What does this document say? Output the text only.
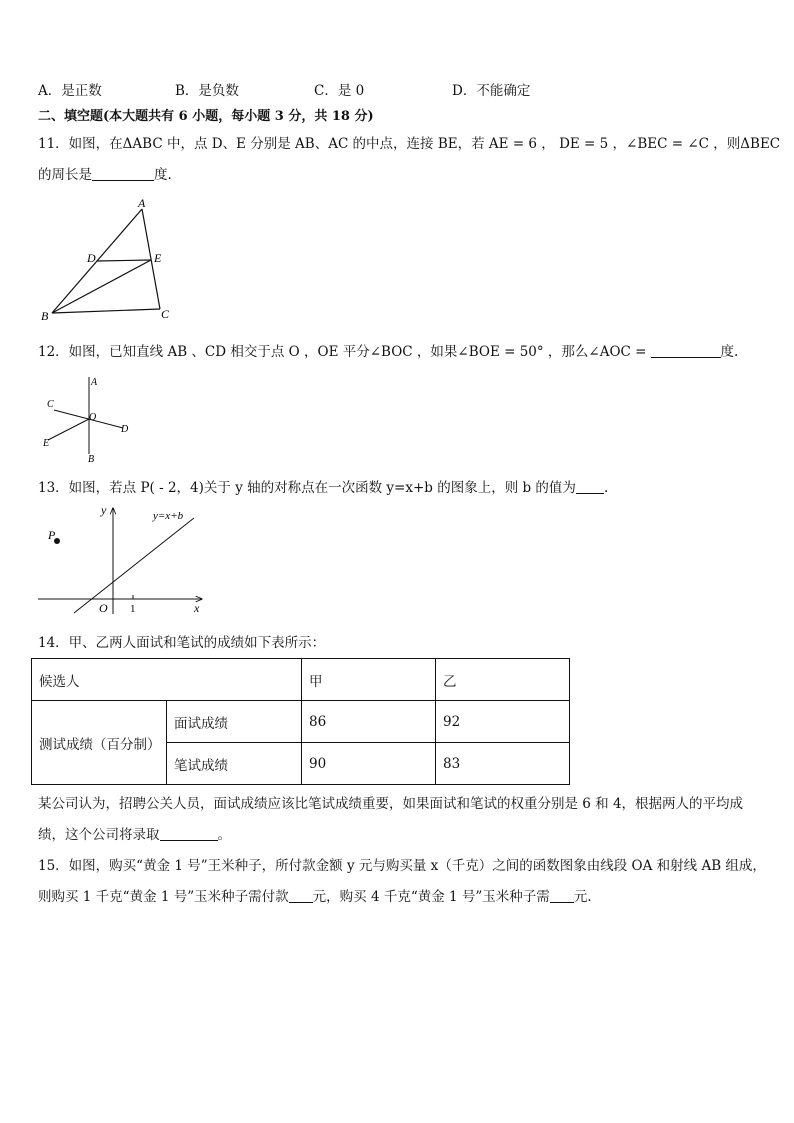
A．是正数	B．是负数	C．是 0	D．不能确定
二、填空题(本大题共有 6 小题，每小题 3 分，共 18 分)
11．如图，在ΔABC 中，点 D、E 分别是 AB、AC 的中点，连接 BE，若 AE = 6 ， DE = 5 ，∠BEC = ∠C ，则ΔBEC
的周长是	度.
A
D	E
B	C
12．如图，已知直线 AB 、CD 相交于点 O ，OE 平分∠BOC ，如果∠BOE = 50° ，那么∠AOC =	度.
A
C
O
D
E
B
13．如图，若点 P( - 2，4)关于 y 轴的对称点在一次函数 y=x+b 的图象上，则 b 的值为 .
y	y=x+b
P
O 1	x
14．甲、乙两人面试和笔试的成绩如下表所示：
候选人		甲	乙
测试成绩（百分制）	面试成绩	86	92
	笔试成绩	90	83
某公司认为，招聘公关人员，面试成绩应该比笔试成绩重要，如果面试和笔试的权重分别是 6 和 4，根据两人的平均成
绩，这个公司将录取	。
15．如图，购买“黄金 1 号”王米种子，所付款金额 y 元与购买量 x（千克）之间的函数图象由线段 OA 和射线 AB 组成，
则购买 1 千克“黄金 1 号”玉米种子需付款 元，购买 4 千克“黄金 1 号”玉米种子需 元.
